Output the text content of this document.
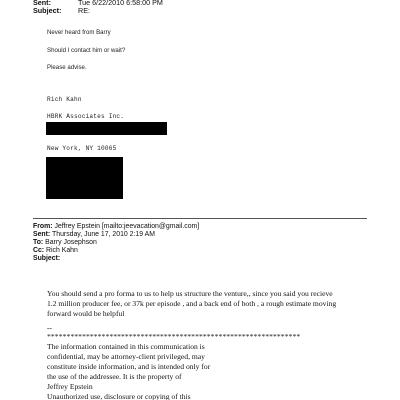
Sent:	Tue 6/22/2010 6:58:00 PM
Subject: RE:
Never heard from Barry
Should I contact him or wait?
Please advise.
Rich Kahn
HBRK Associates Inc.
New York, NY 10065
From: Jeffrey Epstein [mailto:jeevacation@gmail.com]
Sent: Thursday, June 17, 2010 2:19 AM
To: Barry Josephson
Cc: Rich Kahn
Subject:
You should send a pro forma to us to help us structure the venture,, since you said you recieve
1.2 million producer fee, or 37k per episode , and a back end of both , a rough estimate moving
forward would be helpful
--
*****************************************************************
The information contained in this communication is
confidential, may be attorney-client privileged, may
constitute inside information, and is intended only for
the use of the addressee. It is the property of
Jeffrey Epstein
Unauthorized use, disclosure or copying of this
